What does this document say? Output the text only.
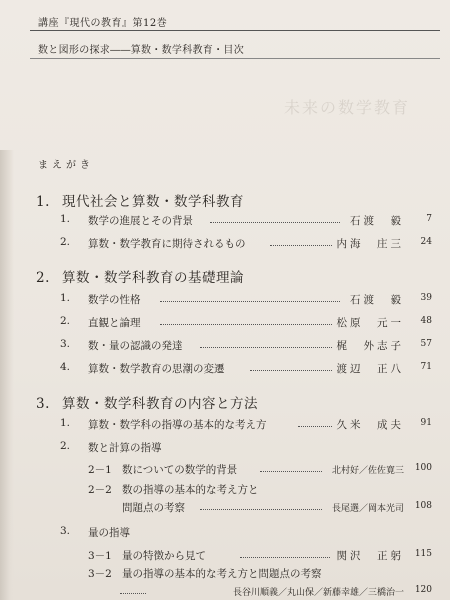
講座『現代の教育』第12巻
数と図形の探求――算数・数学科教育・目次
未来の数学教育
まえがき
1. 現代社会と算数・数学科教育
1.	数学の進展とその背景	石渡　毅	7
2.	算数・数学教育に期待されるもの	内海　庄三	24
2. 算数・数学科教育の基礎理論
1.	数学の性格	石渡　毅	39
2.	直観と論理	松原　元一	48
3.	数・量の認識の発達	梶　外志子	57
4.	算数・数学教育の思潮の変遷	渡辺　正八	71
3. 算数・数学科教育の内容と方法
1.	算数・数学科の指導の基本的な考え方	久米　成夫	91
2.	数と計算の指導
2－1 数についての数学的背景	北村好／佐佐寛三	100
2－2 数の指導の基本的な考え方と
問題点の考察	長尾選／岡本光司	108
3.	量の指導
3－1 量の特徴から見て	関沢　正躬	115
3－2 量の指導の基本的な考え方と問題点の考察
長谷川順義／丸山保／新藤幸雄／三橋治一	120
